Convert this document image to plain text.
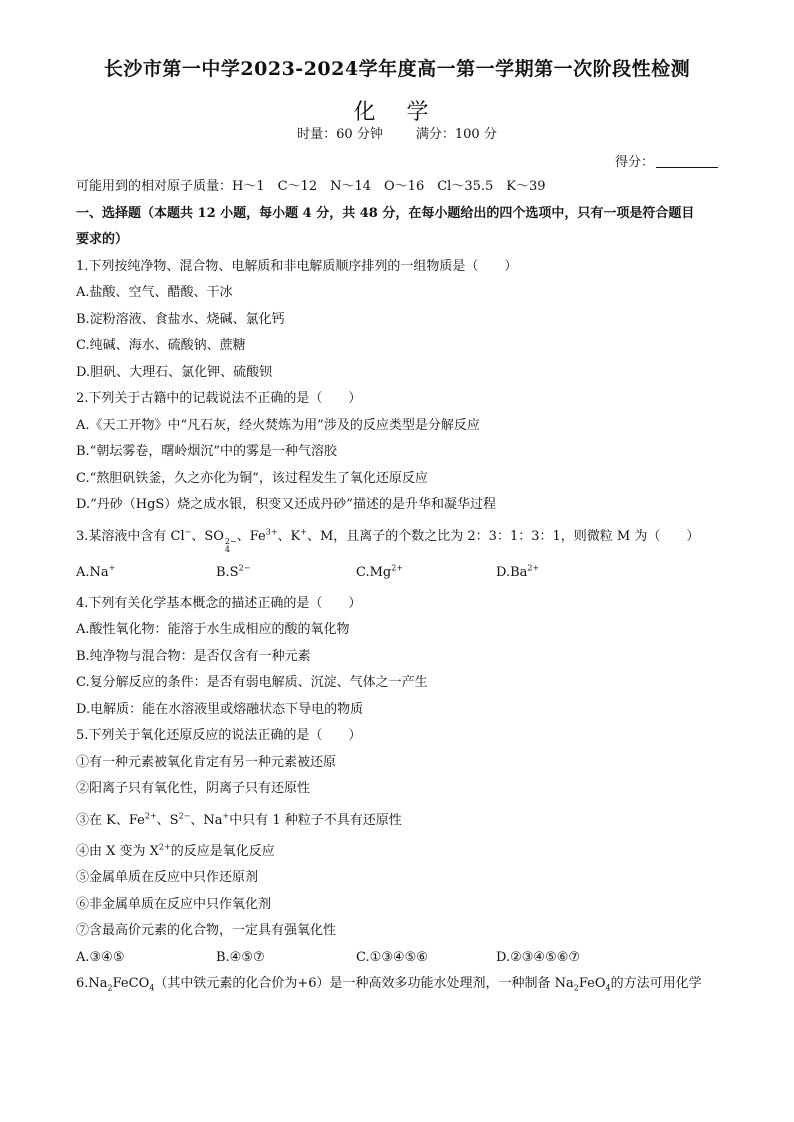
长沙市第一中学2023-2024学年度高一第一学期第一次阶段性检测
化 学
时量：60 分钟	满分：100 分
得分：
可能用到的相对原子质量：H～1　C～12　N～14　O～16　Cl～35.5　K～39
一、选择题（本题共 12 小题，每小题 4 分，共 48 分，在每小题给出的四个选项中，只有一项是符合题目
要求的）
1.下列按纯净物、混合物、电解质和非电解质顺序排列的一组物质是（　　）
A.盐酸、空气、醋酸、干冰
B.淀粉溶液、食盐水、烧碱、氯化钙
C.纯碱、海水、硫酸钠、蔗糖
D.胆矾、大理石、氯化钾、硫酸钡
2.下列关于古籍中的记载说法不正确的是（　　）
A.《天工开物》中“凡石灰，经火焚炼为用”涉及的反应类型是分解反应
B.“朝坛雾卷，曙岭烟沉”中的雾是一种气溶胶
C.“熬胆矾铁釜，久之亦化为铜”，该过程发生了氧化还原反应
D.“丹砂（HgS）烧之成水银，积变又还成丹砂”描述的是升华和凝华过程
3.某溶液中含有 Cl−、SO 2−
4
、$Fe^{3+}$、K+、M，且离子的个数之比为 2：3：1：3：1，则微粒 M 为（　　）
A.Na+	$B.S^{2-}$	$C.Mg^{2+}$	$D.Ba^{2+}$
4.下列有关化学基本概念的描述正确的是（　　）
A.酸性氧化物：能溶于水生成相应的酸的氧化物
B.纯净物与混合物：是否仅含有一种元素
C.复分解反应的条件：是否有弱电解质、沉淀、气体之一产生
D.电解质：能在水溶液里或熔融状态下导电的物质
5.下列关于氧化还原反应的说法正确的是（　　）
①有一种元素被氧化肯定有另一种元素被还原
②阳离子只有氧化性，阴离子只有还原性
③在 K、$Fe^{2+}$、$S^{2-}$、Na+中只有 1 种粒子不具有还原性
④由 X 变为 $X^{2+}$的反应是氧化反应
⑤金属单质在反应中只作还原剂
⑥非金属单质在反应中只作氧化剂
⑦含最高价元素的化合物，一定具有强氧化性
A.③④⑤	B.④⑤⑦	C.①③④⑤⑥	D.②③④⑤⑥⑦
$6.Na_2FeCO_4$（其中铁元素的化合价为+6）是一种高效多功能水处理剂，一种制备 $Na_2FeO_4$的方法可用化学
